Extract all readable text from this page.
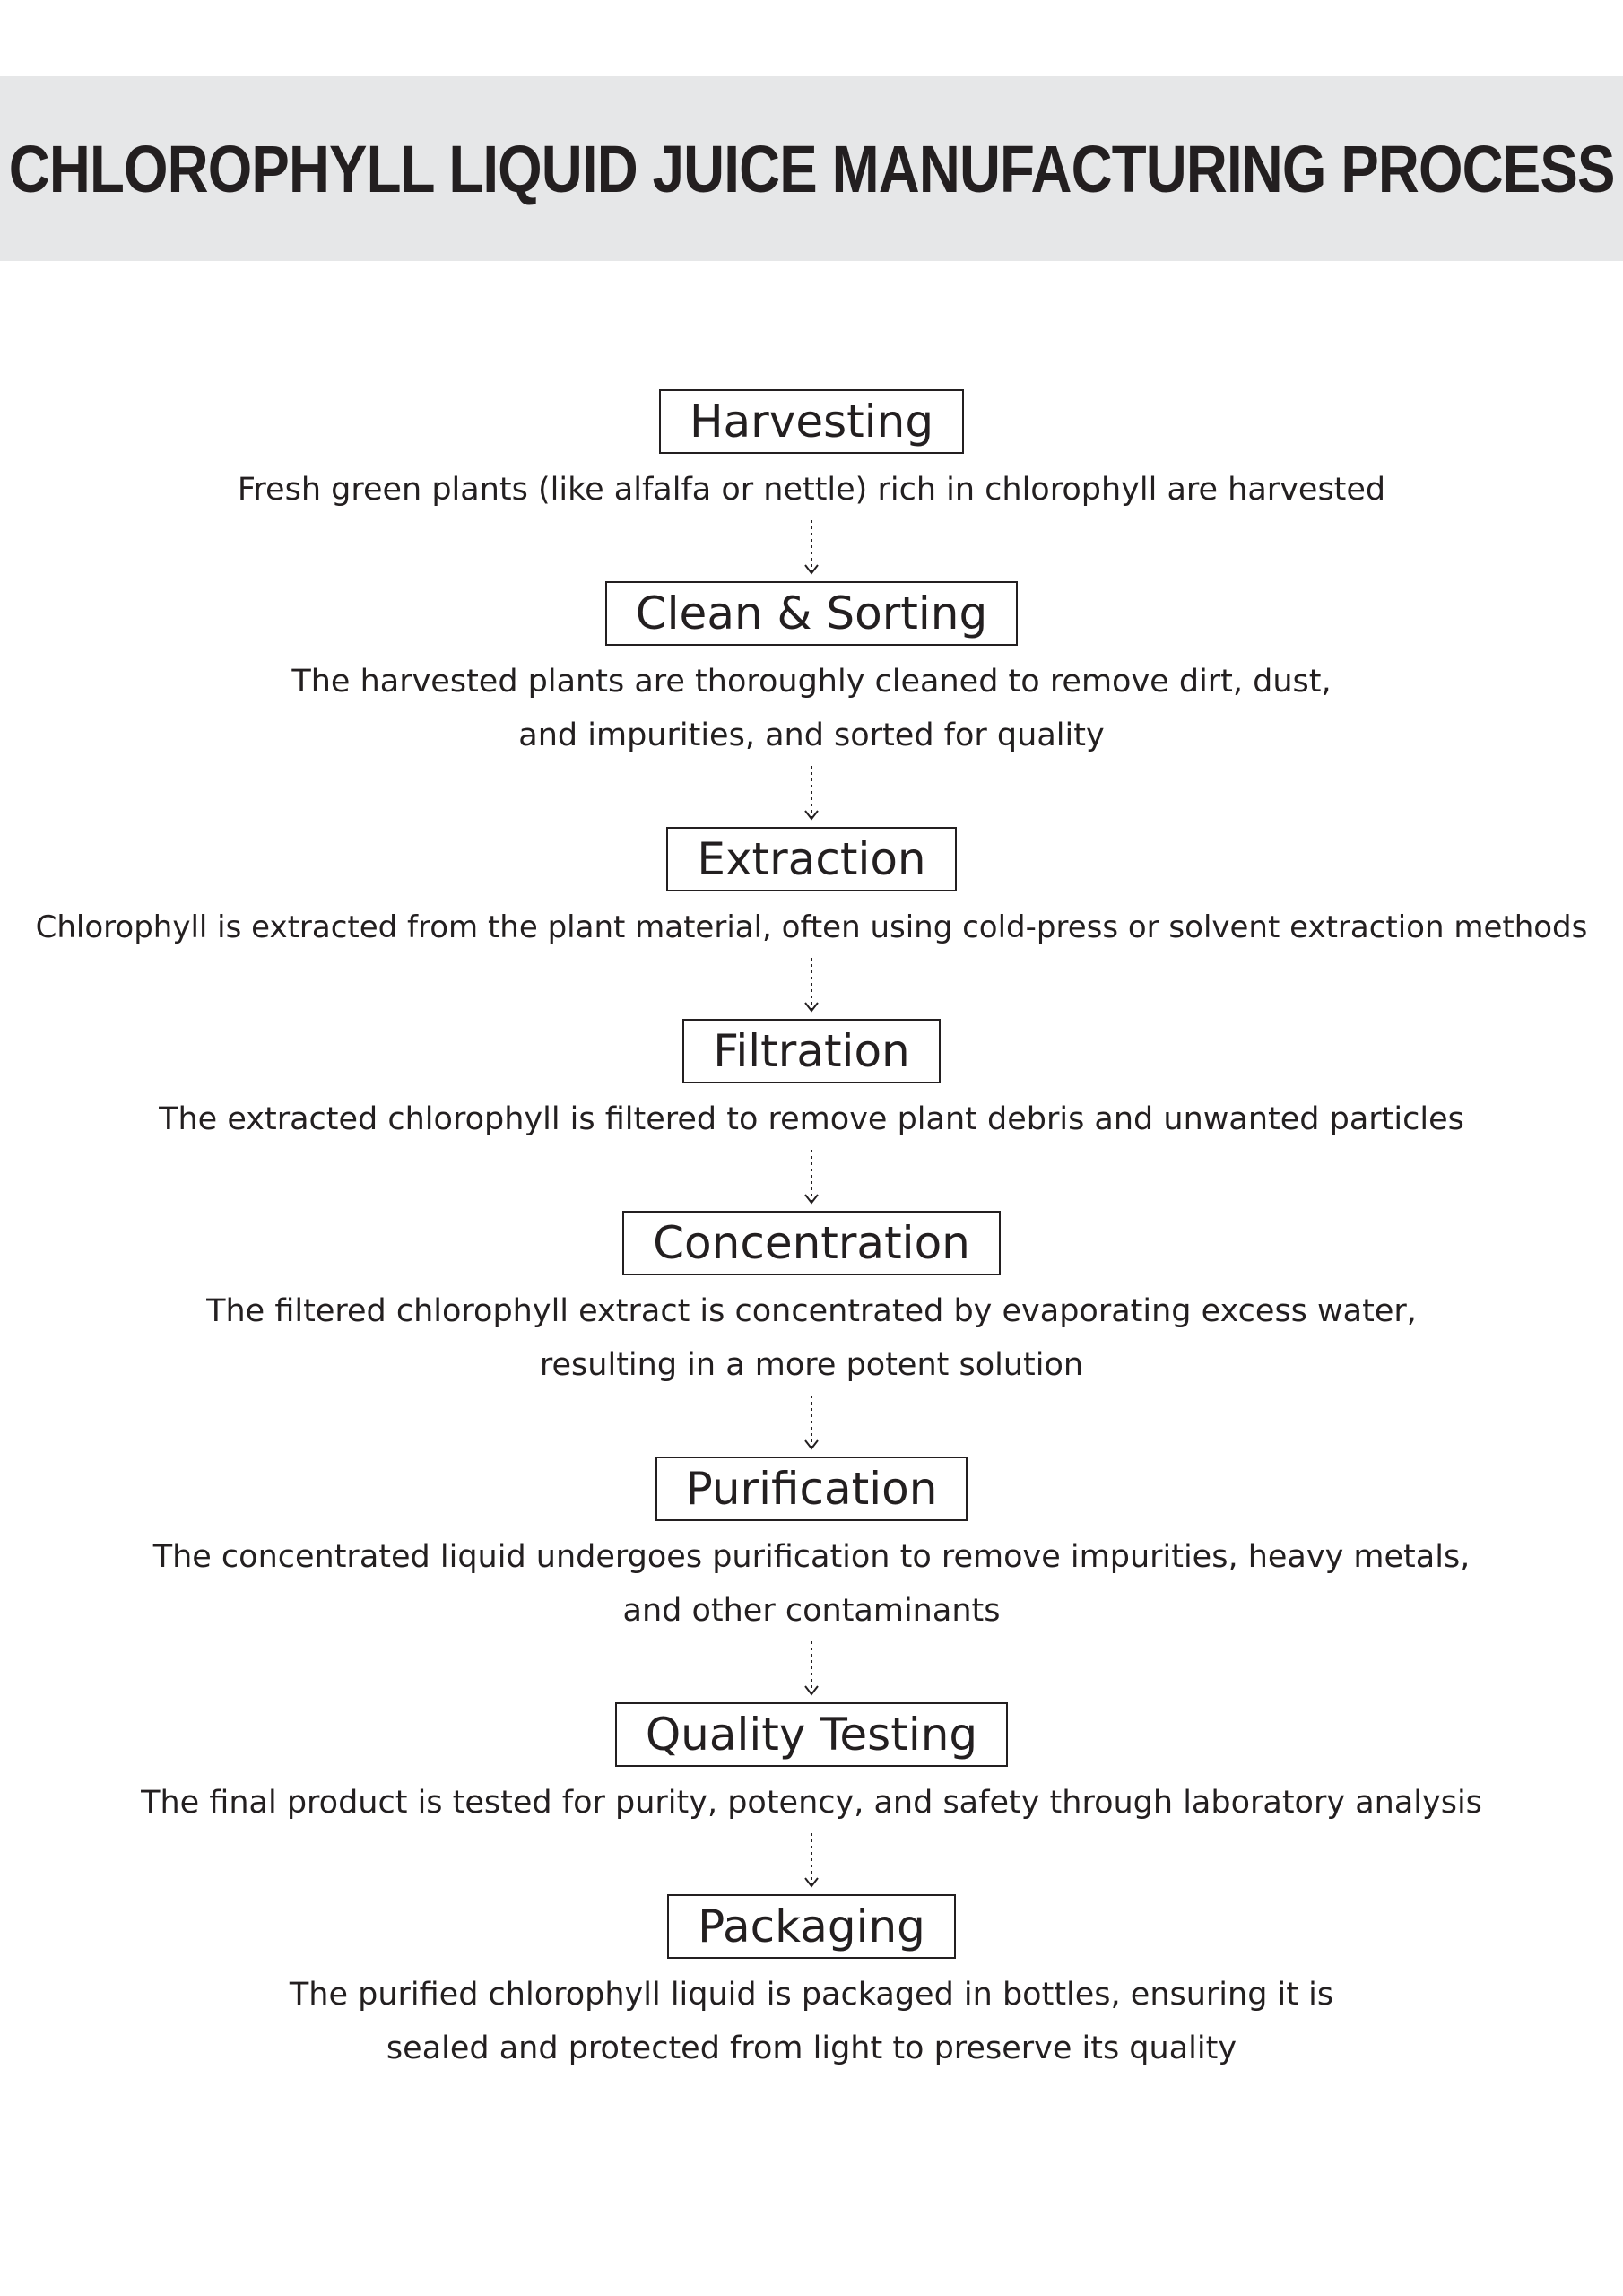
CHLOROPHYLL LIQUID JUICE MANUFACTURING PROCESS
Harvesting
Fresh green plants (like alfalfa or nettle) rich in chlorophyll are harvested
Clean & Sorting
The harvested plants are thoroughly cleaned to remove dirt, dust,
and impurities, and sorted for quality
Extraction
Chlorophyll is extracted from the plant material, often using cold-press or solvent extraction methods
Filtration
The extracted chlorophyll is filtered to remove plant debris and unwanted particles
Concentration
The filtered chlorophyll extract is concentrated by evaporating excess water,
resulting in a more potent solution
Purification
The concentrated liquid undergoes purification to remove impurities, heavy metals,
and other contaminants
Quality Testing
The final product is tested for purity, potency, and safety through laboratory analysis
Packaging
The purified chlorophyll liquid is packaged in bottles, ensuring it is
sealed and protected from light to preserve its quality
